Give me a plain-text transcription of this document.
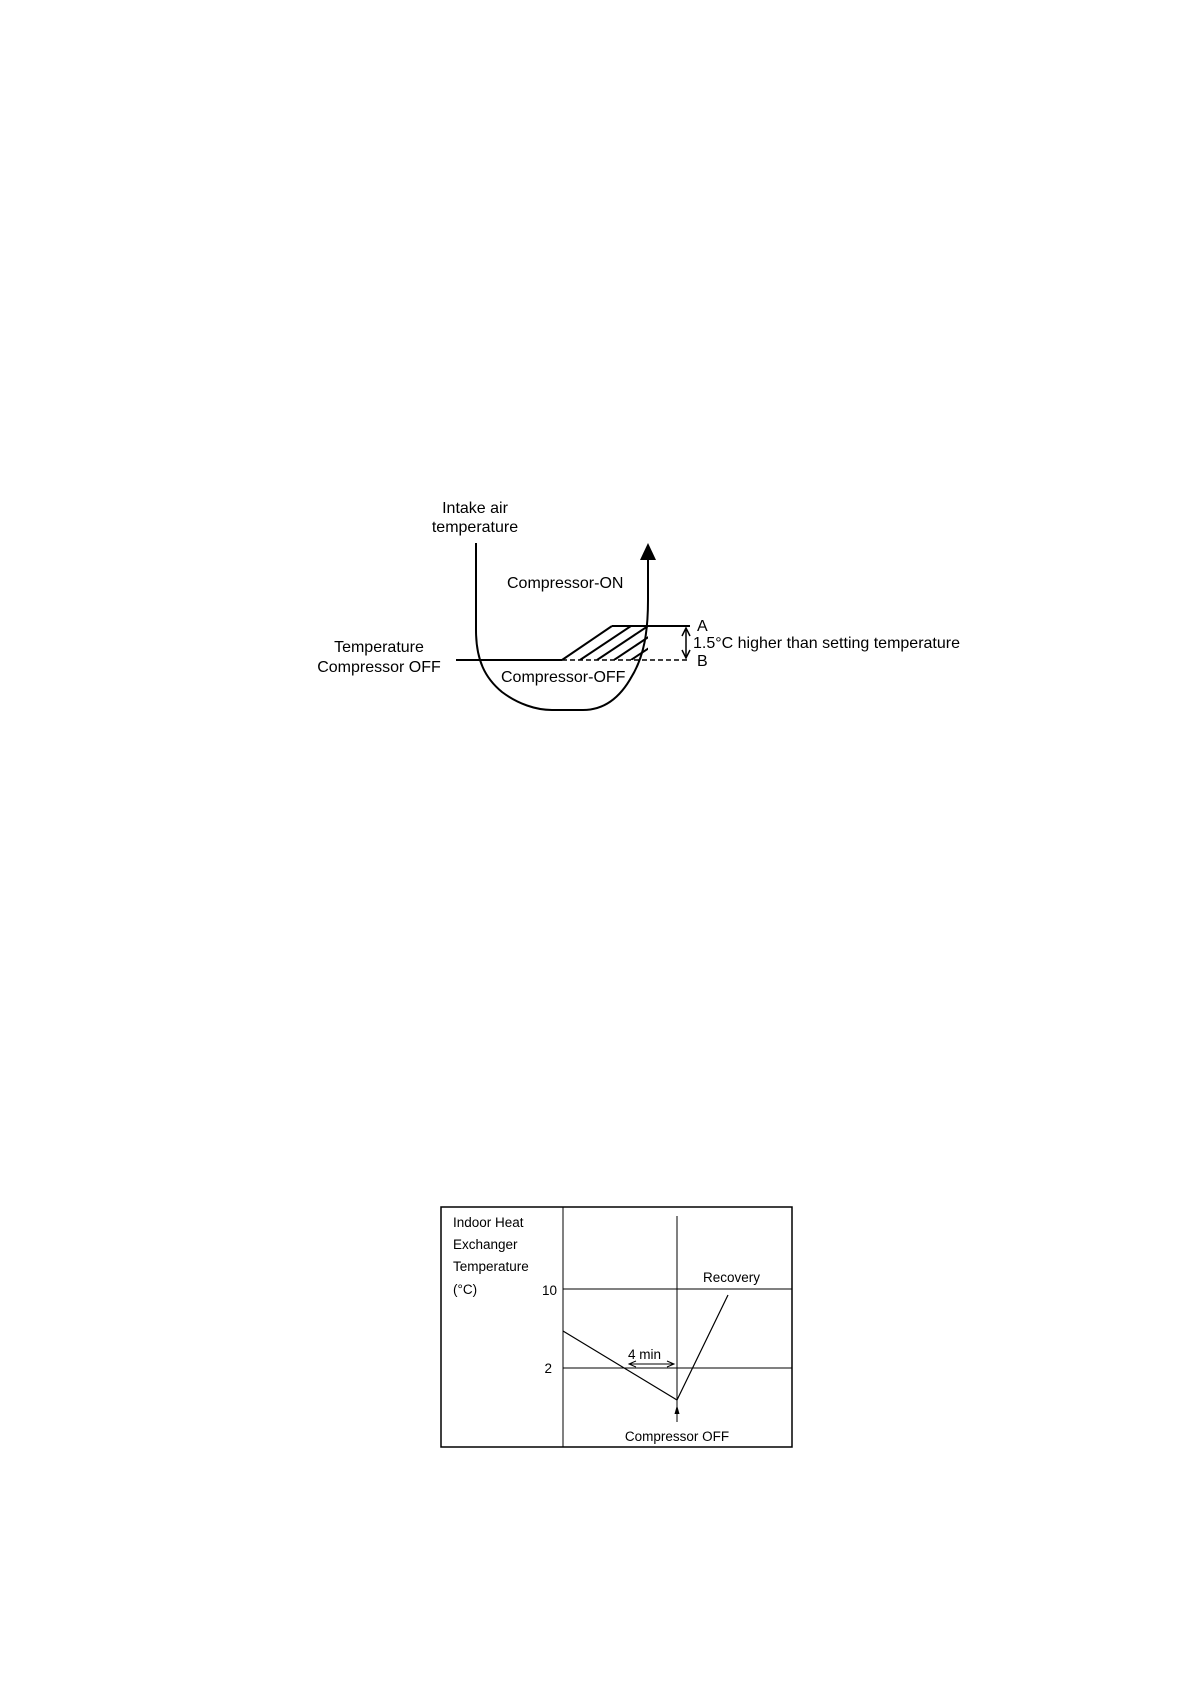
Intake air
temperature
A
B
1.5°C higher than setting temperature
Compressor-ON
Compressor-OFF
Temperature
Compressor OFF
Indoor Heat
Exchanger
Temperature
(°C)	10
2
4 min
Recovery
Compressor OFF
